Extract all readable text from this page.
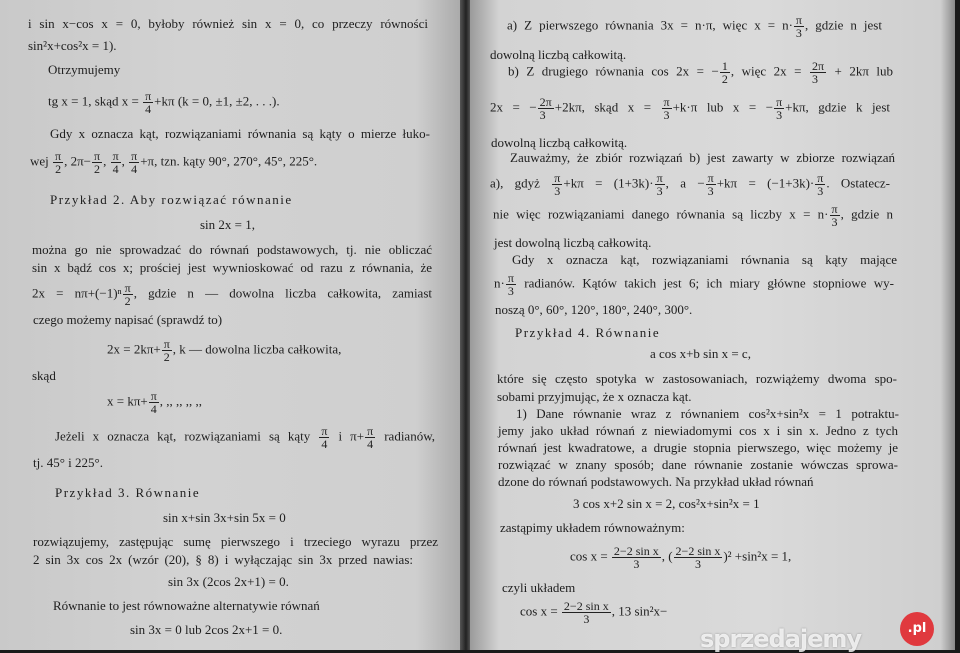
i sin x−cos x = 0, byłoby również sin x = 0, co przeczy równości
sin²x+cos²x = 1).
Otrzymujemy
tg x = 1, skąd $x = \frac{\pi}{4} +k\pi$ (k = 0, ±1, ±2, . . .).
Gdy x oznacza kąt, rozwiązaniami równania są kąty o mierze łuko-
wej $\frac{\pi}{2}$ , $2\pi- \frac{\pi}{2}$ , $\frac{\pi}{4}$ , $\frac{\pi}{4} +\pi$, tzn. kąty 90°, 270°, 45°, 225°.
Przykład 2. Aby rozwiązać równanie
sin 2x = 1,
można go nie sprowadzać do równań podstawowych, tj. nie obliczać
sin x bądź cos x; prościej jest wywnioskować od razu z równania, że
$2x = n\pi+(-1)^n \frac{\pi}{2}$ , gdzie n — dowolna liczba całkowita, zamiast
czego możemy napisać (sprawdź to)
$2x = 2k\pi+ \frac{\pi}{2}$ , k — dowolna liczba całkowita,
skąd
$x = k\pi+ \frac{\pi}{4}$ , ,, ,, ,, ,,
Jeżeli x oznacza kąt, rozwiązaniami są kąty $\frac{\pi}{4}$ i $\pi+ \frac{\pi}{4}$ radianów,
tj. 45° i 225°.
Przykład 3. Równanie
sin x+sin 3x+sin 5x = 0
rozwiązujemy, zastępując sumę pierwszego i trzeciego wyrazu przez
2 sin 3x cos 2x (wzór (20), § 8) i wyłączając sin 3x przed nawias:
sin 3x (2cos 2x+1) = 0.
Równanie to jest równoważne alternatywie równań
sin 3x = 0 lub 2cos 2x+1 = 0.
a) Z pierwszego równania 3x = n·π, więc $x = n\cdot \frac{\pi}{3}$ , gdzie n jest
dowolną liczbą całkowitą.
b) Z drugiego równania cos 2x = − $\frac{1}{2}$ , więc $2x = \frac{2\pi}{3} + 2k\pi$ lub
2x = − $\frac{2\pi}{3} +2k\pi$, skąd $x = \frac{\pi}{3} +k\cdot\pi$ lub x = − $\frac{\pi}{3} +k\pi$, gdzie k jest
dowolną liczbą całkowitą.
Zauważmy, że zbiór rozwiązań b) jest zawarty w zbiorze rozwiązań
a), gdyż $\frac{\pi}{3} +k\pi = (1+3k)\cdot \frac{\pi}{3}$ , $a - \frac{\pi}{3} +k\pi = (-1+3k)\cdot \frac{\pi}{3}$ . Ostatecz-
nie więc rozwiązaniami danego równania są liczby $x = n\cdot \frac{\pi}{3}$ , gdzie n
jest dowolną liczbą całkowitą.
Gdy x oznacza kąt, rozwiązaniami równania są kąty mające
$n\cdot \frac{\pi}{3}$ radianów. Kątów takich jest 6; ich miary główne stopniowe wy-
noszą 0°, 60°, 120°, 180°, 240°, 300°.
Przykład 4. Równanie
a cos x+b sin x = c,
które się często spotyka w zastosowaniach, rozwiążemy dwoma spo-
sobami przyjmując, że x oznacza kąt.
1) Dane równanie wraz z równaniem cos²x+sin²x = 1 potraktu-
jemy jako układ równań z niewiadomymi cos x i sin x. Jedno z tych
równań jest kwadratowe, a drugie stopnia pierwszego, więc możemy je
rozwiązać w znany sposób; dane równanie zostanie wówczas sprowa-
dzone do równań podstawowych. Na przykład układ równań
3 cos x+2 sin x = 2, cos²x+sin²x = 1
zastąpimy układem równoważnym:
$\cos x = \frac{\text{2−2 sin x}}{3}$ , ( $\frac{\text{2−2 sin x}}{3} )^2 +\sin^2x = 1$,
czyli układem
$\cos x = \frac{\text{2−2 sin x}}{3}$ , 13 sin²x−
sprzedajemy	.pl
